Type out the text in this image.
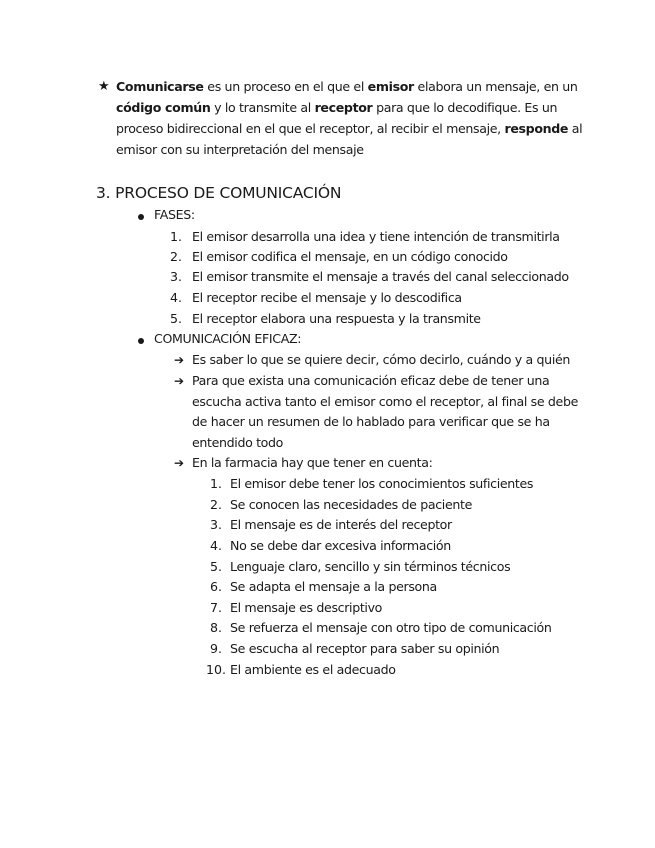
★ Comunicarse es un proceso en el que el emisor elabora un mensaje, en un
código común y lo transmite al receptor para que lo decodifique. Es un
proceso bidireccional en el que el receptor, al recibir el mensaje, responde al
emisor con su interpretación del mensaje
3. PROCESO DE COMUNICACIÓN
FASES:
1. El emisor desarrolla una idea y tiene intención de transmitirla
2. El emisor codifica el mensaje, en un código conocido
3. El emisor transmite el mensaje a través del canal seleccionado
4. El receptor recibe el mensaje y lo descodifica
5. El receptor elabora una respuesta y la transmite
COMUNICACIÓN EFICAZ:
➔ Es saber lo que se quiere decir, cómo decirlo, cuándo y a quién
➔ Para que exista una comunicación eficaz debe de tener una
escucha activa tanto el emisor como el receptor, al final se debe
de hacer un resumen de lo hablado para verificar que se ha
entendido todo
➔ En la farmacia hay que tener en cuenta:
1. El emisor debe tener los conocimientos suficientes
2. Se conocen las necesidades de paciente
3. El mensaje es de interés del receptor
4. No se debe dar excesiva información
5. Lenguaje claro, sencillo y sin términos técnicos
6. Se adapta el mensaje a la persona
7. El mensaje es descriptivo
8. Se refuerza el mensaje con otro tipo de comunicación
9. Se escucha al receptor para saber su opinión
10. El ambiente es el adecuado
